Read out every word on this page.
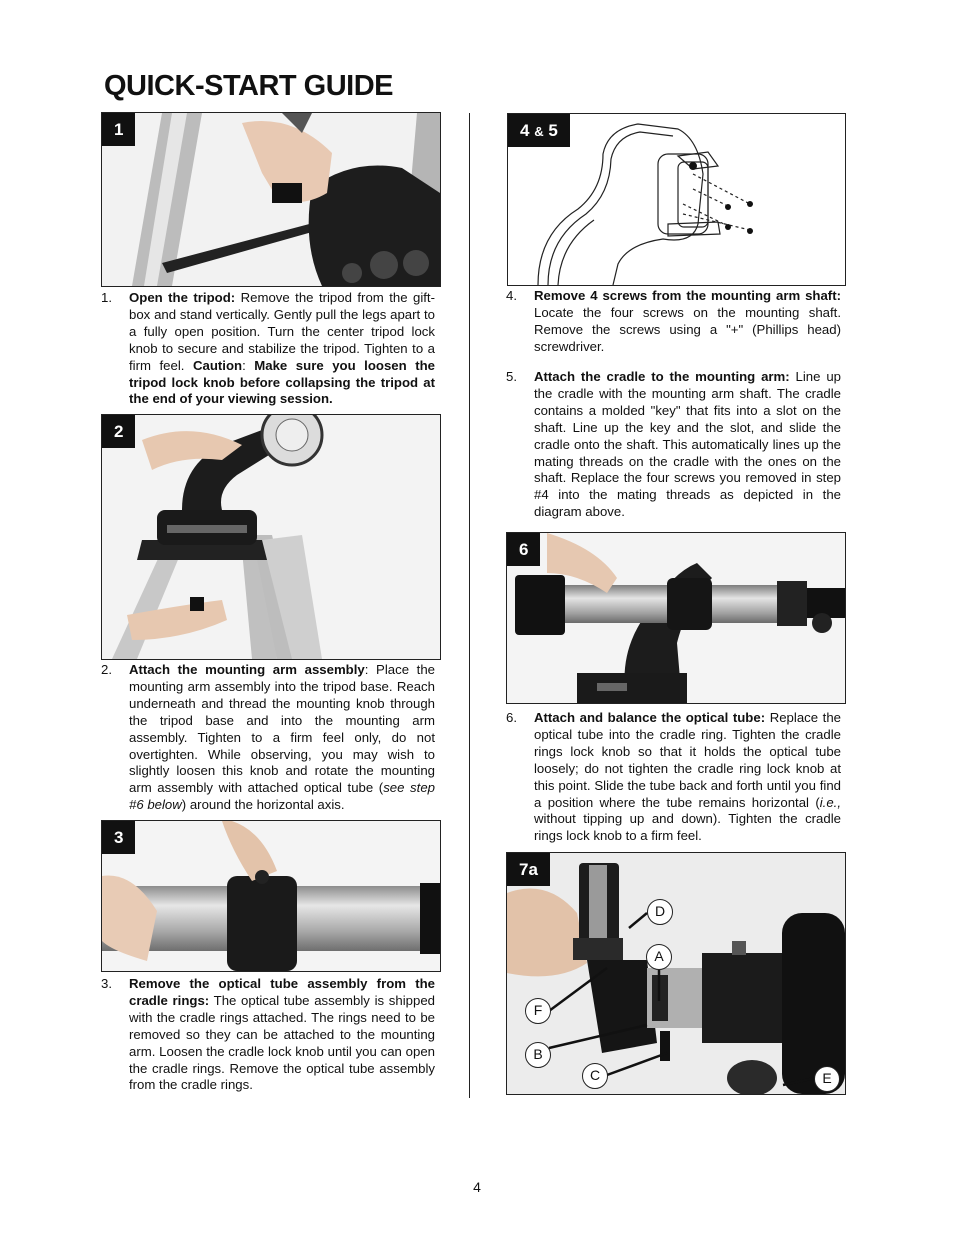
QUICK-START GUIDE
1
1. Open the tripod: Remove the tripod from the gift-box and stand vertically. Gently pull the legs apart to a fully open position. Turn the center tripod lock knob to secure and stabilize the tripod. Tighten to a firm feel. Caution: Make sure you loosen the tripod lock knob before collapsing the tripod at the end of your viewing session.
2
2. Attach the mounting arm assembly: Place the mounting arm assembly into the tripod base. Reach underneath and thread the mounting knob through the tripod base and into the mounting arm assembly. Tighten to a firm feel only, do not overtighten. While observing, you may wish to slightly loosen this knob and rotate the mounting arm assembly with attached optical tube (see step #6 below) around the horizontal axis.
3
3. Remove the optical tube assembly from the cradle rings: The optical tube assembly is shipped with the cradle rings attached. The rings need to be removed so they can be attached to the mounting arm. Loosen the cradle lock knob until you can open the cradle rings. Remove the optical tube assembly from the cradle rings.
4 & 5
4. Remove 4 screws from the mounting arm shaft: Locate the four screws on the mounting shaft. Remove the screws using a "+" (Phillips head) screwdriver.
5. Attach the cradle to the mounting arm: Line up the cradle with the mounting arm shaft. The cradle contains a molded "key" that fits into a slot on the shaft. Line up the key and the slot, and slide the cradle onto the shaft. This automatically lines up the mating threads on the cradle with the ones on the shaft. Replace the four screws you removed in step #4 into the mating threads as depicted in the diagram above.
6
6. Attach and balance the optical tube: Replace the optical tube into the cradle ring. Tighten the cradle rings lock knob so that it holds the optical tube loosely; do not tighten the cradle ring lock knob at this point. Slide the tube back and forth until you find a position where the tube remains horizontal (i.e., without tipping up and down). Tighten the cradle rings lock knob to a firm feel.
7a
D
A
F
B
C	E
4
